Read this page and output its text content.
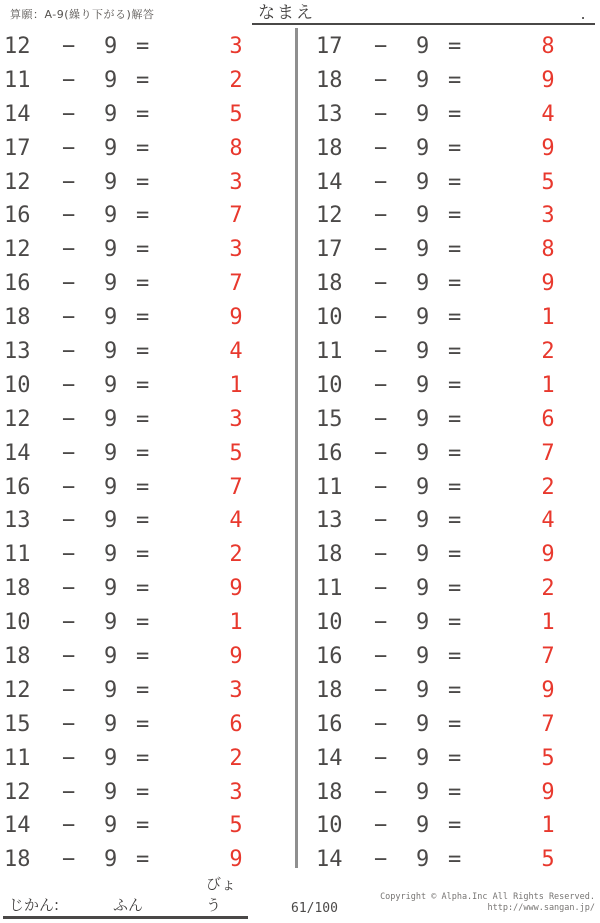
算願：A-9(繰り下がる)解答	なまえ	.
12 − 9 =	3
11 − 9 =	2
14 − 9 =	5
17 − 9 =	8
12 − 9 =	3
16 − 9 =	7
12 − 9 =	3
16 − 9 =	7
18 − 9 =	9
13 − 9 =	4
10 − 9 =	1
12 − 9 =	3
14 − 9 =	5
16 − 9 =	7
13 − 9 =	4
11 − 9 =	2
18 − 9 =	9
10 − 9 =	1
18 − 9 =	9
12 − 9 =	3
15 − 9 =	6
11 − 9 =	2
12 − 9 =	3
14 − 9 =	5
18 − 9 =	9
17 − 9 =	8
18 − 9 =	9
13 − 9 =	4
18 − 9 =	9
14 − 9 =	5
12 − 9 =	3
17 − 9 =	8
18 − 9 =	9
10 − 9 =	1
11 − 9 =	2
10 − 9 =	1
15 − 9 =	6
16 − 9 =	7
11 − 9 =	2
13 − 9 =	4
18 − 9 =	9
11 − 9 =	2
10 − 9 =	1
16 − 9 =	7
18 − 9 =	9
16 − 9 =	7
14 − 9 =	5
18 − 9 =	9
10 − 9 =	1
14 − 9 =	5
じかん:	ふん
びょう	61/100
Copyright © Alpha.Inc All Rights Reserved.
http://www.sangan.jp/
